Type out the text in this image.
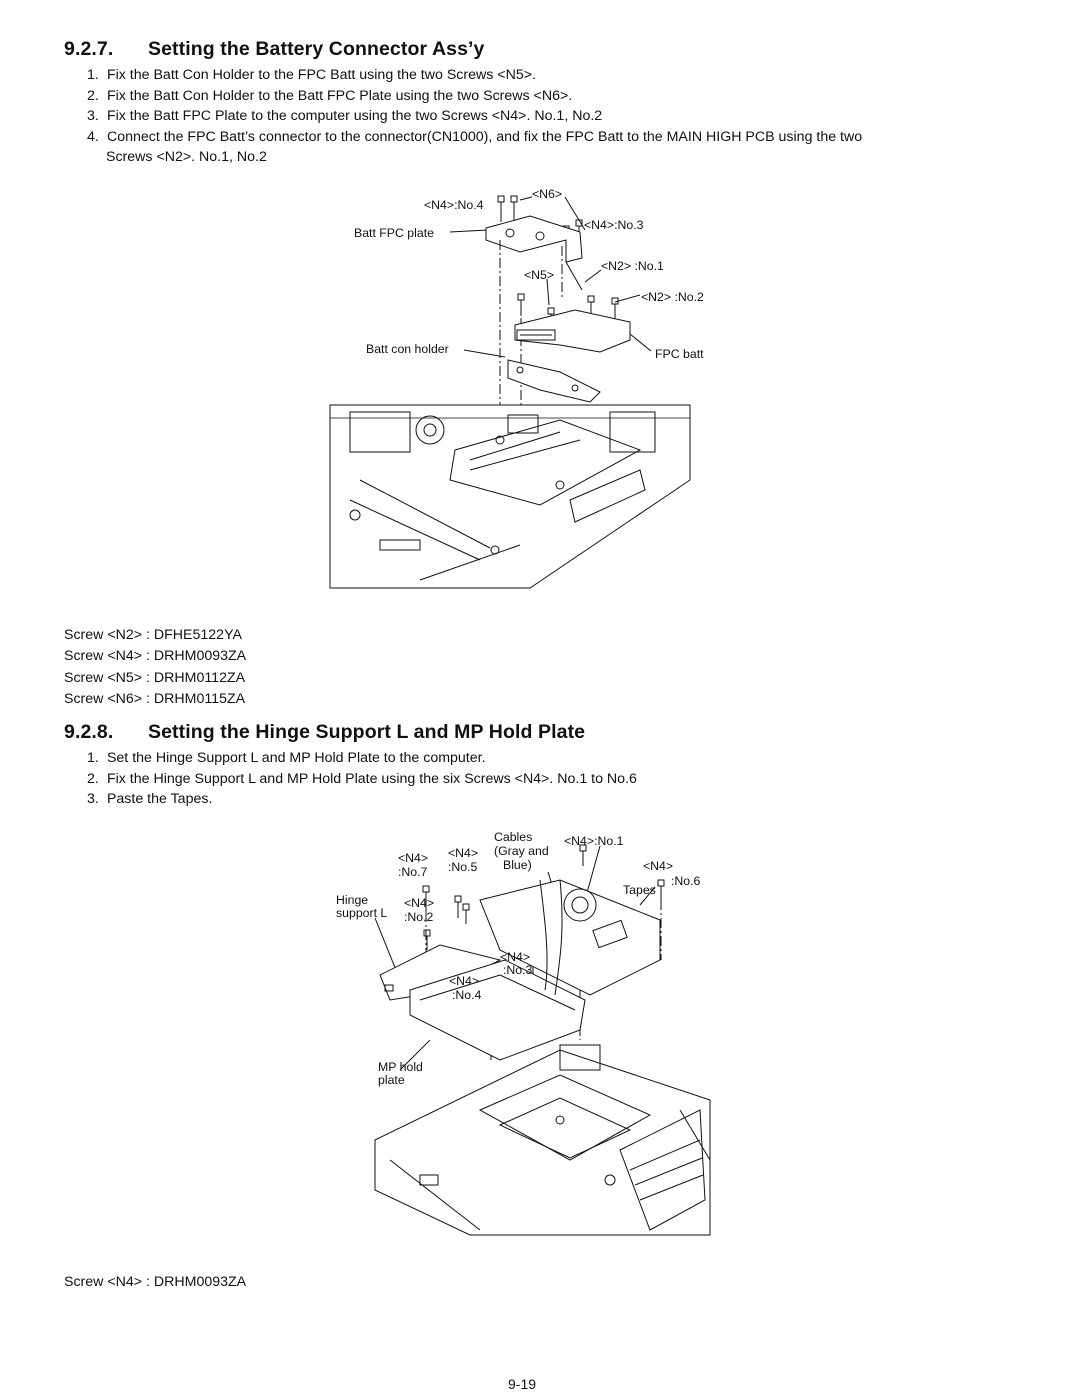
9.2.7. Setting the Battery Connector Ass’y
1. Fix the Batt Con Holder to the FPC Batt using the two Screws <N5>.
2. Fix the Batt Con Holder to the Batt FPC Plate using the two Screws <N6>.
3. Fix the Batt FPC Plate to the computer using the two Screws <N4>. No.1, No.2
4. Connect the FPC Batt’s connector to the connector(CN1000), and fix the FPC Batt to the MAIN HIGH PCB using the two
Screws <N2>. No.1, No.2
<N6>
<N4>:No.4
<N4>:No.3
Batt FPC plate
<N5>
<N2> :No.1
<N2> :No.2
Batt con holder	FPC batt
Screw <N2> : DFHE5122YA
Screw <N4> : DRHM0093ZA
Screw <N5> : DRHM0112ZA
Screw <N6> : DRHM0115ZA
9.2.8. Setting the Hinge Support L and MP Hold Plate
1. Set the Hinge Support L and MP Hold Plate to the computer.
2. Fix the Hinge Support L and MP Hold Plate using the six Screws <N4>. No.1 to No.6
3. Paste the Tapes.
Cables
(Gray and
Blue)
<N4>:No.1
<N4>
:No.7
<N4>
:No.5	<N4>
:No.6
Tapes
Hinge
support L
<N4>
:No.2
<N4>
:No.3
<N4>
:No.4
MP hold
plate
Screw <N4> : DRHM0093ZA
9-19
